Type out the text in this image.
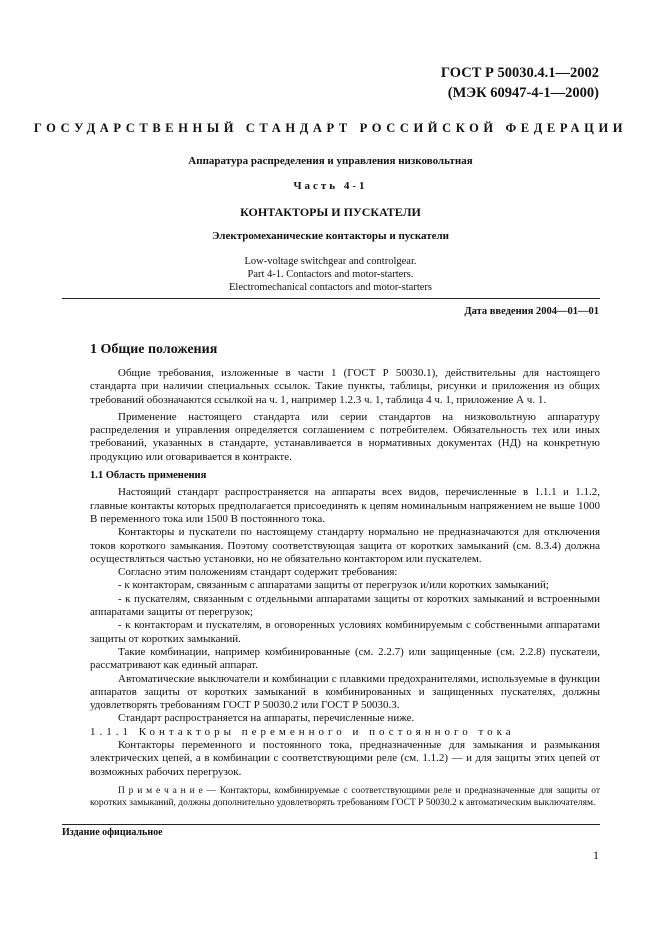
ГОСТ Р 50030.4.1—2002
(МЭК 60947-4-1—2000)
ГОСУДАРСТВЕННЫЙ СТАНДАРТ РОССИЙСКОЙ ФЕДЕРАЦИИ
Аппаратура распределения и управления низковольтная
Часть 4-1
КОНТАКТОРЫ И ПУСКАТЕЛИ
Электромеханические контакторы и пускатели
Low-voltage switchgear and controlgear.
Part 4-1. Contactors and motor-starters.
Electromechanical contactors and motor-starters
Дата введения 2004—01—01
1 Общие положения

Общие требования, изложенные в части 1 (ГОСТ Р 50030.1), действительны для настоящего стандарта при наличии специальных ссылок. Такие пункты, таблицы, рисунки и приложения из общих требований обозначаются ссылкой на ч. 1, например 1.2.3 ч. 1, таблица 4 ч. 1, приложение А ч. 1.

Применение настоящего стандарта или серии стандартов на низковольтную аппаратуру распределения и управления определяется соглашением с потребителем. Обязательность тех или иных требований, указанных в стандарте, устанавливается в нормативных документах (НД) на конкретную продукцию или оговаривается в контракте.

1.1 Область применения

Настоящий стандарт распространяется на аппараты всех видов, перечисленные в 1.1.1 и 1.1.2, главные контакты которых предполагается присоединять к цепям номинальным напряжением не выше 1000 В переменного тока или 1500 В постоянного тока.

Контакторы и пускатели по настоящему стандарту нормально не предназначаются для отключения токов короткого замыкания. Поэтому соответствующая защита от коротких замыканий (см. 8.3.4) должна осуществляться частью установки, но не обязательно контактором или пускателем.

Согласно этим положениям стандарт содержит требования:

- к контакторам, связанным с аппаратами защиты от перегрузок и/или коротких замыканий;

- к пускателям, связанным с отдельными аппаратами защиты от коротких замыканий и встроенными аппаратами защиты от перегрузок;

- к контакторам и пускателям, в оговоренных условиях комбинируемым с собственными аппаратами защиты от коротких замыканий.

Такие комбинации, например комбинированные (см. 2.2.7) или защищенные (см. 2.2.8) пускатели, рассматривают как единый аппарат.

Автоматические выключатели и комбинации с плавкими предохранителями, используемые в функции аппаратов защиты от коротких замыканий в комбинированных и защищенных пускателях, должны удовлетворять требованиям ГОСТ Р 50030.2 или ГОСТ Р 50030.3.

Стандарт распространяется на аппараты, перечисленные ниже.

1.1.1 Контакторы переменного и постоянного тока

Контакторы переменного и постоянного тока, предназначенные для замыкания и размыкания электрических цепей, а в комбинации с соответствующими реле (см. 1.1.2) — и для защиты этих цепей от возможных рабочих перегрузок.

П р и м е ч а н и е — Контакторы, комбинируемые с соответствующими реле и предназначенные для защиты от коротких замыканий, должны дополнительно удовлетворять требованиям ГОСТ Р 50030.2 к автоматическим выключателям.

Издание официальное
1
